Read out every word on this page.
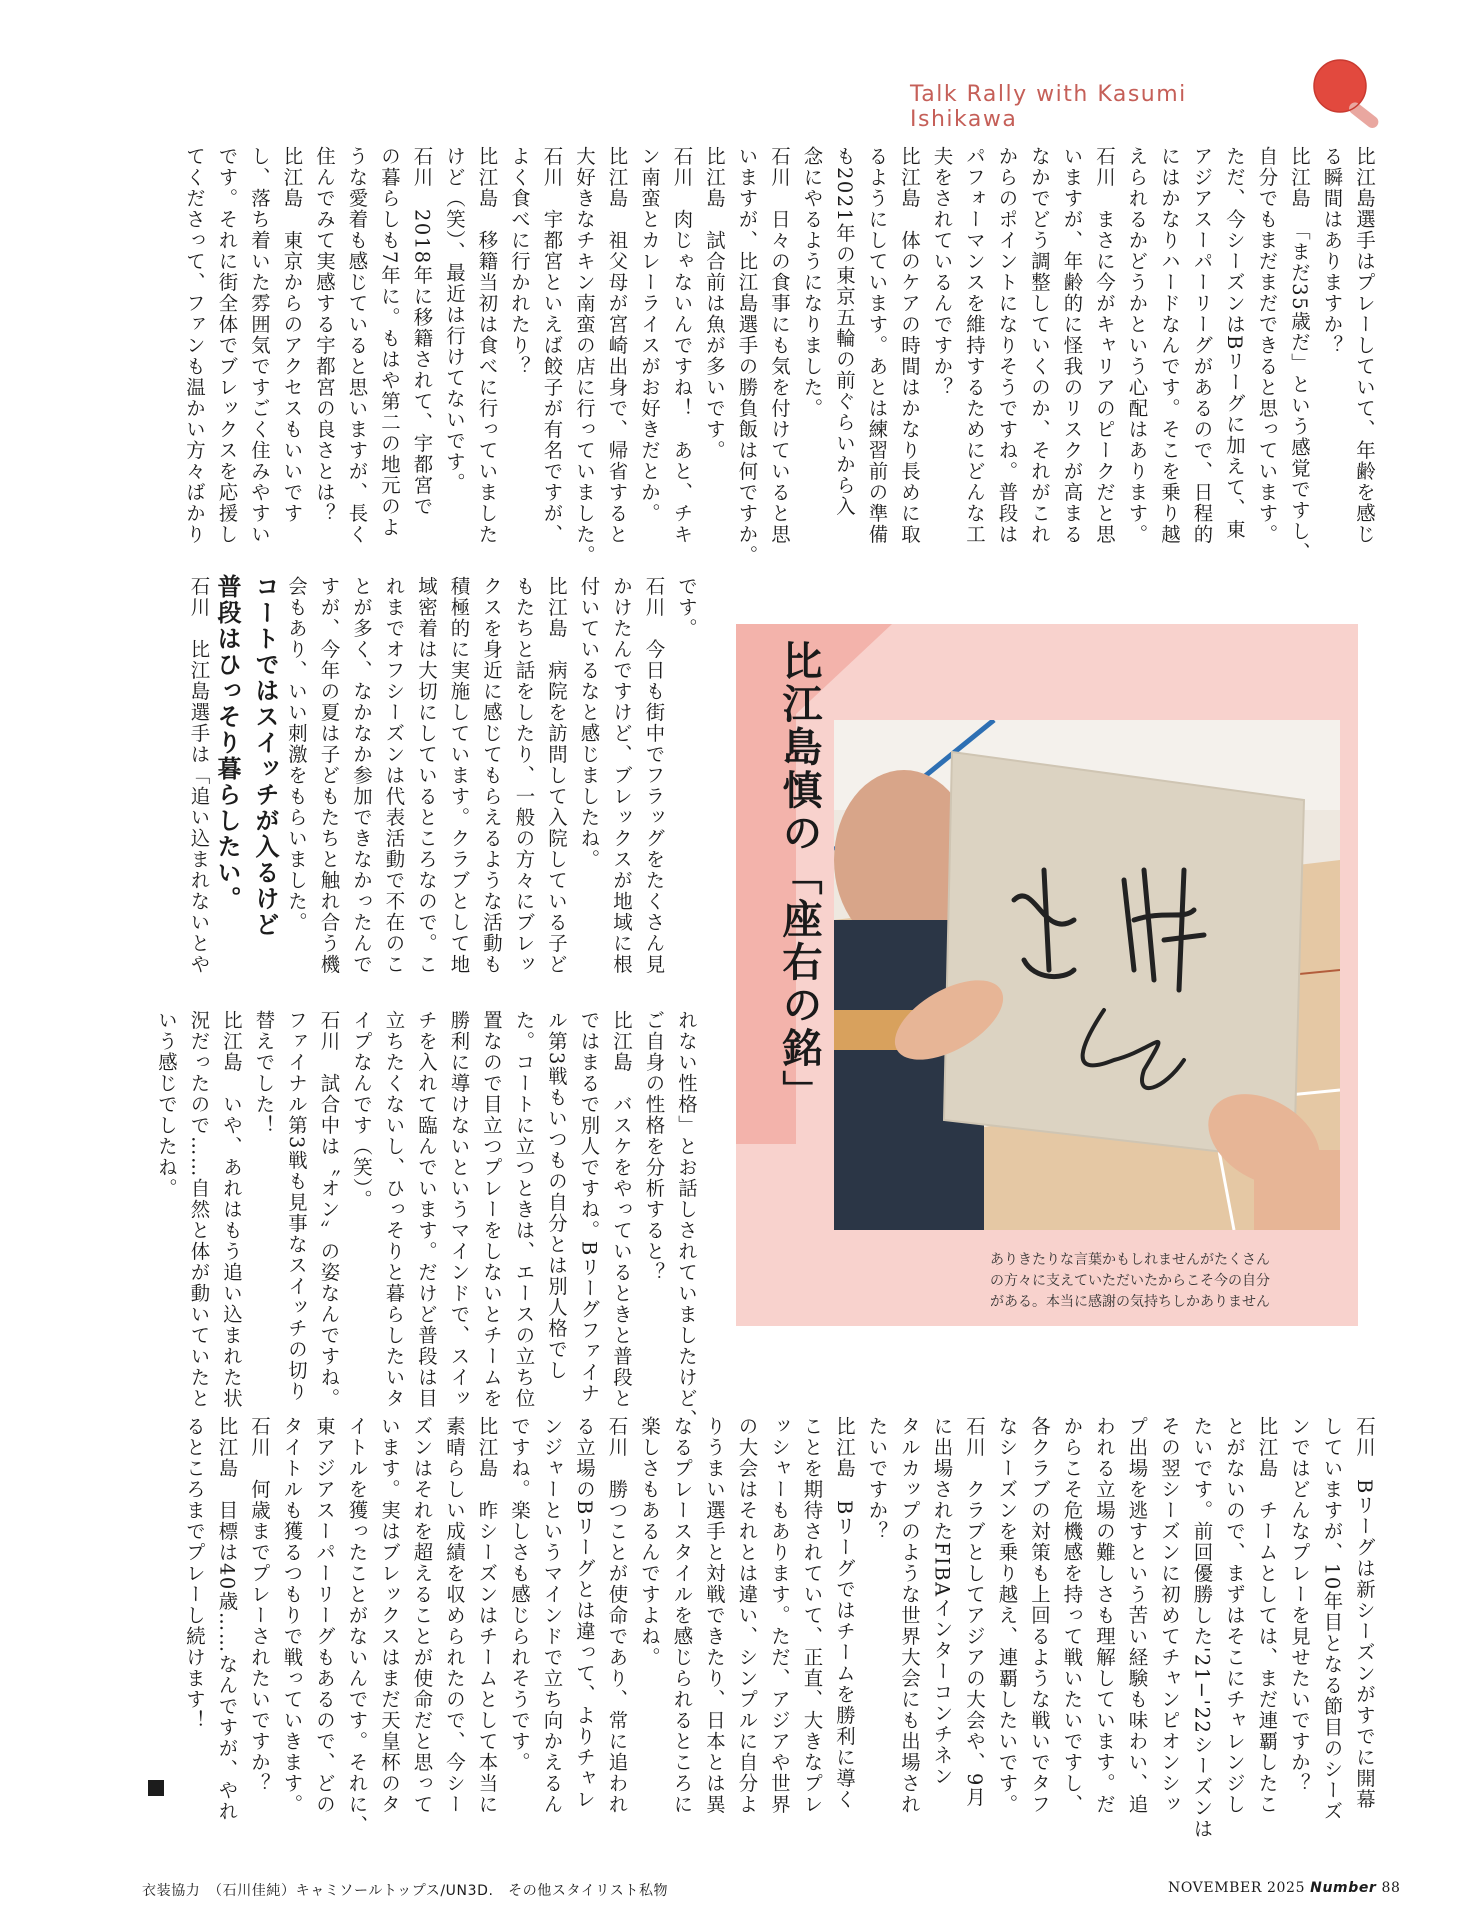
Talk Rally with Kasumi Ishikawa
比江島選手はプレーしていて、年齢を感じ
る瞬間はありますか？
比江島　「まだ35歳だ」という感覚ですし、
自分でもまだまだできると思っています。
ただ、今シーズンはBリーグに加えて、東
アジアスーパーリーグがあるので、日程的
にはかなりハードなんです。そこを乗り越
えられるかどうかという心配はあります。
石川　まさに今がキャリアのピークだと思
いますが、年齢的に怪我のリスクが高まる
なかでどう調整していくのか、それがこれ
からのポイントになりそうですね。普段は
パフォーマンスを維持するためにどんな工
夫をされているんですか？
比江島　体のケアの時間はかなり長めに取
るようにしています。あとは練習前の準備
も2021年の東京五輪の前ぐらいから入
念にやるようになりました。
石川　日々の食事にも気を付けていると思
いますが、比江島選手の勝負飯は何ですか。
比江島　試合前は魚が多いです。
石川　肉じゃないんですね！　あと、チキ
ン南蛮とカレーライスがお好きだとか。
比江島　祖父母が宮崎出身で、帰省すると
大好きなチキン南蛮の店に行っていました。
石川　宇都宮といえば餃子が有名ですが、
よく食べに行かれたり？
比江島　移籍当初は食べに行っていました
けど（笑）、最近は行けてないです。
石川　2018年に移籍されて、宇都宮で
の暮らしも7年に。もはや第二の地元のよ
うな愛着も感じていると思いますが、長く
住んでみて実感する宇都宮の良さとは？
比江島　東京からのアクセスもいいです
し、落ち着いた雰囲気ですごく住みやすい
です。それに街全体でブレックスを応援し
てくださって、ファンも温かい方々ばかり
です。
石川　今日も街中でフラッグをたくさん見
かけたんですけど、ブレックスが地域に根
付いているなと感じましたね。
比江島　病院を訪問して入院している子ど
もたちと話をしたり、一般の方々にブレッ
クスを身近に感じてもらえるような活動も
積極的に実施しています。クラブとして地
域密着は大切にしているところなので。こ
れまでオフシーズンは代表活動で不在のこ
とが多く、なかなか参加できなかったんで
すが、今年の夏は子どもたちと触れ合う機
会もあり、いい刺激をもらいました。

石川　比江島選手は「追い込まれないとや
れない性格」とお話しされていましたけど、
ご自身の性格を分析すると？
比江島　バスケをやっているときと普段と
ではまるで別人ですね。Bリーグファイナ
ル第3戦もいつもの自分とは別人格でし
た。コートに立つときは、エースの立ち位
置なので目立つプレーをしないとチームを
勝利に導けないというマインドで、スイッ
チを入れて臨んでいます。だけど普段は目
立ちたくないし、ひっそりと暮らしたいタ
イプなんです（笑）。
石川　試合中は〝オン〟の姿なんですね。
ファイナル第3戦も見事なスイッチの切り
替えでした！
比江島　いや、あれはもう追い込まれた状
況だったので……自然と体が動いていたと
いう感じでしたね。
石川　Bリーグは新シーズンがすでに開幕
していますが、10年目となる節目のシーズ
ンではどんなプレーを見せたいですか？
比江島　チームとしては、まだ連覇したこ
とがないので、まずはそこにチャレンジし
たいです。前回優勝した'21−'22シーズンは
その翌シーズンに初めてチャンピオンシッ
プ出場を逃すという苦い経験も味わい、追
われる立場の難しさも理解しています。だ
からこそ危機感を持って戦いたいですし、
各クラブの対策も上回るような戦いでタフ
なシーズンを乗り越え、連覇したいです。
石川　クラブとしてアジアの大会や、9月
に出場されたFIBAインターコンチネン
タルカップのような世界大会にも出場され
たいですか？
比江島　Bリーグではチームを勝利に導く
ことを期待されていて、正直、大きなプレ
ッシャーもあります。ただ、アジアや世界
の大会はそれとは違い、シンプルに自分よ
りうまい選手と対戦できたり、日本とは異
なるプレースタイルを感じられるところに
楽しさもあるんですよね。
石川　勝つことが使命であり、常に追われ
る立場のBリーグとは違って、よりチャレ
ンジャーというマインドで立ち向かえるん
ですね。楽しさも感じられそうです。
比江島　昨シーズンはチームとして本当に
素晴らしい成績を収められたので、今シー
ズンはそれを超えることが使命だと思って
います。実はブレックスはまだ天皇杯のタ
イトルを獲ったことがないんです。それに、
東アジアスーパーリーグもあるので、どの
タイトルも獲るつもりで戦っていきます。
石川　何歳までプレーされたいですか？
比江島　目標は40歳……なんですが、やれ
るところまでプレーし続けます！
コートではスイッチが入るけど
普段はひっそり暮らしたい。	比江島慎の「座右の銘」
ありきたりな言葉かもしれませんがたくさん
の方々に支えていただいたからこそ今の自分
がある。本当に感謝の気持ちしかありません
衣装協力　（石川佳純）キャミソールトップス/UN3D.　その他スタイリスト私物	NOVEMBER 2025 Number 88
